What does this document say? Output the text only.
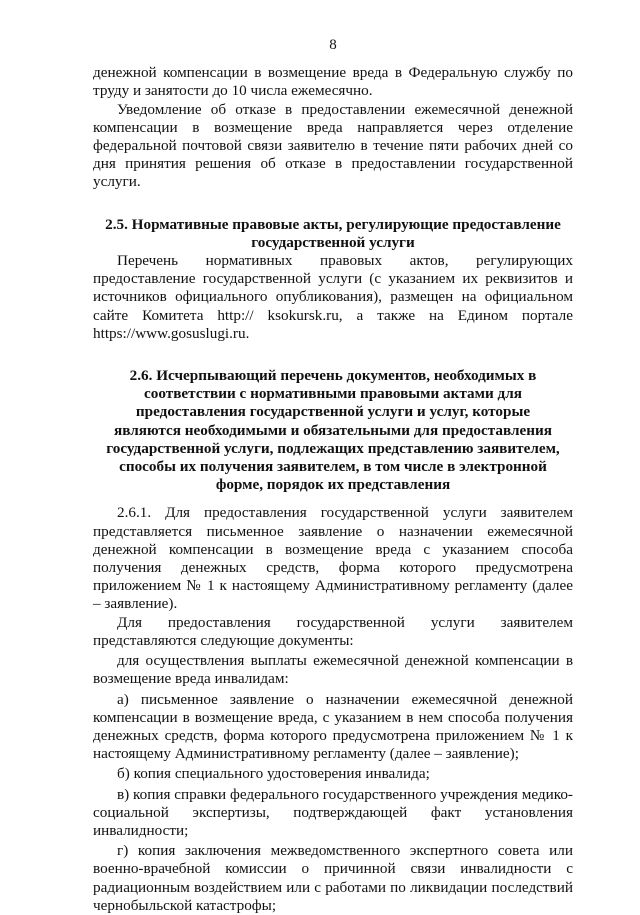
8

денежной компенсации в возмещение вреда в Федеральную службу по труду и занятости до 10 числа ежемесячно.

Уведомление об отказе в предоставлении ежемесячной денежной компенсации в возмещение вреда направляется через отделение федеральной почтовой связи заявителю в течение пяти рабочих дней со дня принятия решения об отказе в предоставлении государственной услуги.

2.5. Нормативные правовые акты, регулирующие предоставление государственной услуги

Перечень нормативных правовых актов, регулирующих предоставление государственной услуги (с указанием их реквизитов и источников официального опубликования), размещен на официальном сайте Комитета http:// ksokursk.ru, а также на Едином портале https://www.gosuslugi.ru.

2.6. Исчерпывающий перечень документов, необходимых в соответствии с нормативными правовыми актами для предоставления государственной услуги и услуг, которые являются необходимыми и обязательными для предоставления государственной услуги, подлежащих представлению заявителем, способы их получения заявителем, в том числе в электронной форме, порядок их представления

2.6.1. Для предоставления государственной услуги заявителем представляется письменное заявление о назначении ежемесячной денежной компенсации в возмещение вреда с указанием способа получения денежных средств, форма которого предусмотрена приложением № 1 к настоящему Административному регламенту (далее – заявление).

Для предоставления государственной услуги заявителем представляются следующие документы:

для осуществления выплаты ежемесячной денежной компенсации в возмещение вреда инвалидам:

а) письменное заявление о назначении ежемесячной денежной компенсации в возмещение вреда, с указанием в нем способа получения денежных средств, форма которого предусмотрена приложением № 1 к настоящему Административному регламенту (далее – заявление);

б) копия специального удостоверения инвалида;

в) копия справки федерального государственного учреждения медико-социальной экспертизы, подтверждающей факт установления инвалидности;

г) копия заключения межведомственного экспертного совета или военно-врачебной комиссии о причинной связи инвалидности с радиационным воздействием или с работами по ликвидации последствий чернобыльской катастрофы;
